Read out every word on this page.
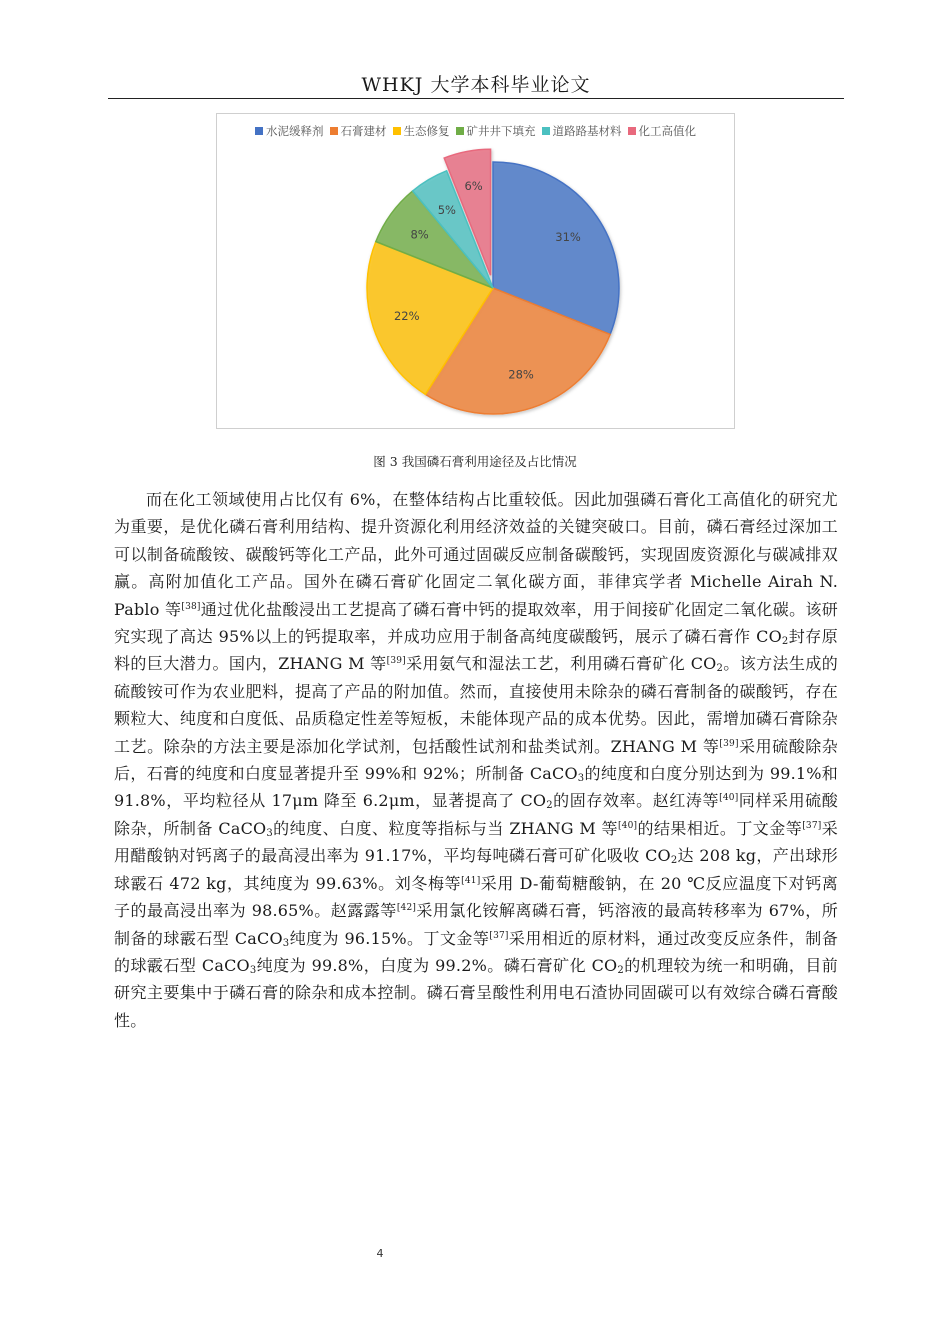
WHKJ 大学本科毕业论文
水泥缓释剂 石膏建材 生态修复 矿井井下填充 道路路基材料 化工高值化
31%
28%
22%
8%
5%
6%
图 3 我国磷石膏利用途径及占比情况

而在化工领域使用占比仅有 6%，在整体结构占比重较低。因此加强磷石膏化工高值化的研究尤为重要，是优化磷石膏利用结构、提升资源化利用经济效益的关键突破口。目前，磷石膏经过深加工可以制备硫酸铵、碳酸钙等化工产品，此外可通过固碳反应制备碳酸钙，实现固废资源化与碳减排双赢。高附加值化工产品。国外在磷石膏矿化固定二氧化碳方面，菲律宾学者 Michelle Airah N. Pablo 等[38]通过优化盐酸浸出工艺提高了磷石膏中钙的提取效率，用于间接矿化固定二氧化碳。该研究实现了高达 95%以上的钙提取率，并成功应用于制备高纯度碳酸钙，展示了磷石膏作 $CO_2$封存原料的巨大潜力。国内，ZHANG M 等[39]采用氨气和湿法工艺，利用磷石膏矿化 $CO_2$。该方法生成的硫酸铵可作为农业肥料，提高了产品的附加值。然而，直接使用未除杂的磷石膏制备的碳酸钙，存在颗粒大、纯度和白度低、品质稳定性差等短板，未能体现产品的成本优势。因此，需增加磷石膏除杂工艺。除杂的方法主要是添加化学试剂，包括酸性试剂和盐类试剂。ZHANG M 等[39]采用硫酸除杂后，石膏的纯度和白度显著提升至 99%和 92%；所制备 CaCO$_3$的纯度和白度分别达到为 99.1%和 91.8%，平均粒径从 17μm 降至 6.2μm，显著提高了 $CO_2$的固存效率。赵红涛等[40]同样采用硫酸除杂，所制备 CaCO$_3$的纯度、白度、粒度等指标与当 ZHANG M 等[40]的结果相近。丁文金等[37]采用醋酸钠对钙离子的最高浸出率为 91.17%，平均每吨磷石膏可矿化吸收 $CO_2$达 208 kg，产出球形球霰石 472 kg，其纯度为 99.63%。刘冬梅等[41]采用 D-葡萄糖酸钠，在 20 ℃反应温度下对钙离子的最高浸出率为 98.65%。赵露露等[42]采用氯化铵解离磷石膏，钙溶液的最高转移率为 67%，所制备的球霰石型 CaCO$_3$纯度为 96.15%。丁文金等[37]采用相近的原材料，通过改变反应条件，制备的球霰石型 CaCO$_3$纯度为 99.8%，白度为 99.2%。磷石膏矿化 $CO_2$的机理较为统一和明确，目前研究主要集中于磷石膏的除杂和成本控制。磷石膏呈酸性利用电石渣协同固碳可以有效综合磷石膏酸性。

4
